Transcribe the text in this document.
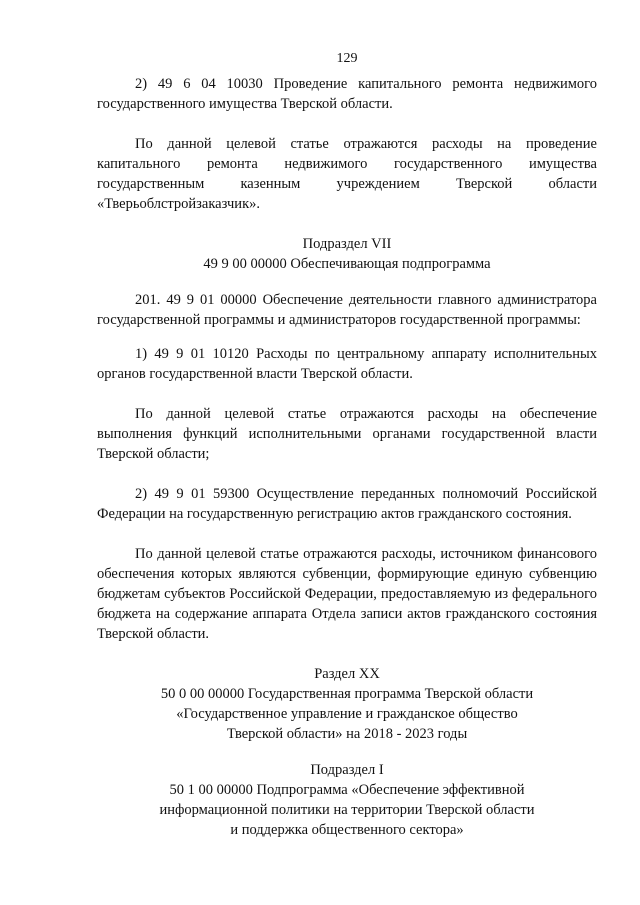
129

2) 49 6 04 10030 Проведение капитального ремонта недвижимого государственного имущества Тверской области.

По данной целевой статье отражаются расходы на проведение капитального ремонта недвижимого государственного имущества государственным казенным учреждением Тверской области «Тверьоблстройзаказчик».

Подраздел VII

49 9 00 00000 Обеспечивающая подпрограмма

201. 49 9 01 00000 Обеспечение деятельности главного администратора государственной программы и администраторов государственной программы:

1) 49 9 01 10120 Расходы по центральному аппарату исполнительных органов государственной власти Тверской области.

По данной целевой статье отражаются расходы на обеспечение выполнения функций исполнительными органами государственной власти Тверской области;

2) 49 9 01 59300 Осуществление переданных полномочий Российской Федерации на государственную регистрацию актов гражданского состояния.

По данной целевой статье отражаются расходы, источником финансового обеспечения которых являются субвенции, формирующие единую субвенцию бюджетам субъектов Российской Федерации, предоставляемую из федерального бюджета на содержание аппарата Отдела записи актов гражданского состояния Тверской области.

Раздел XX

50 0 00 00000 Государственная программа Тверской области

«Государственное управление и гражданское общество

Тверской области» на 2018 - 2023 годы

Подраздел I

50 1 00 00000 Подпрограмма «Обеспечение эффективной

информационной политики на территории Тверской области

и поддержка общественного сектора»
